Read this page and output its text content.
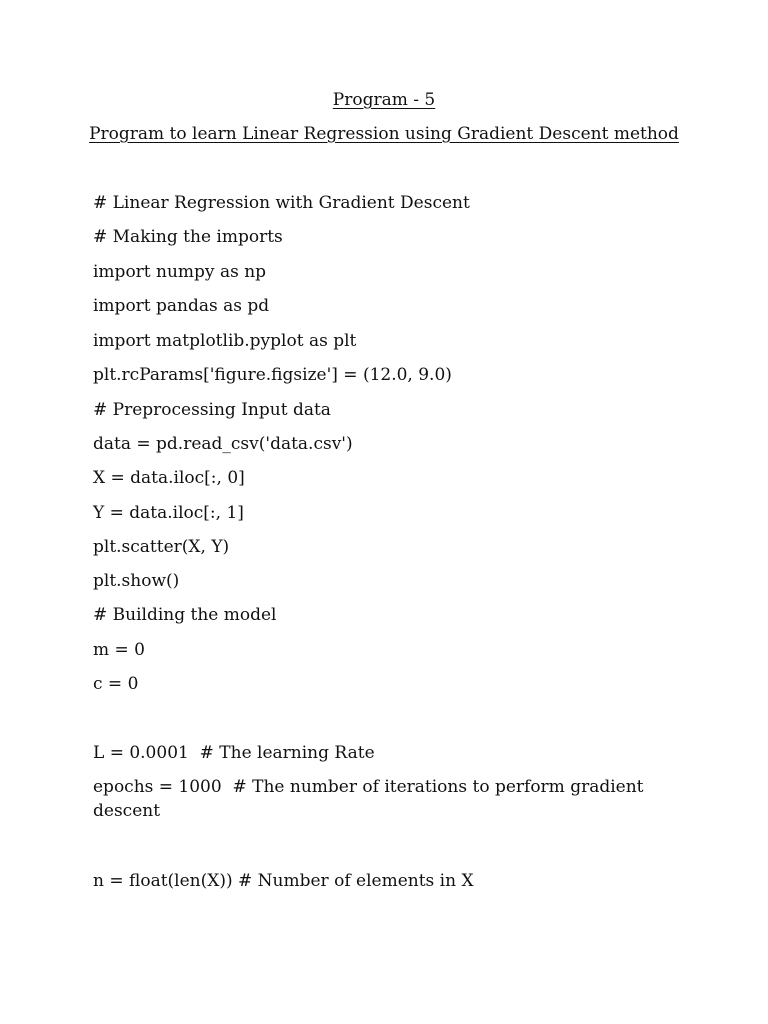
Program - 5
Program to learn Linear Regression using Gradient Descent method
# Linear Regression with Gradient Descent
# Making the imports
import numpy as np
import pandas as pd
import matplotlib.pyplot as plt
plt.rcParams['figure.figsize'] = (12.0, 9.0)
# Preprocessing Input data
data = pd.read_csv('data.csv')
X = data.iloc[:, 0]
Y = data.iloc[:, 1]
plt.scatter(X, Y)
plt.show()
# Building the model
m = 0
c = 0
L = 0.0001  # The learning Rate
epochs = 1000  # The number of iterations to perform gradient
descent
n = float(len(X)) # Number of elements in X
